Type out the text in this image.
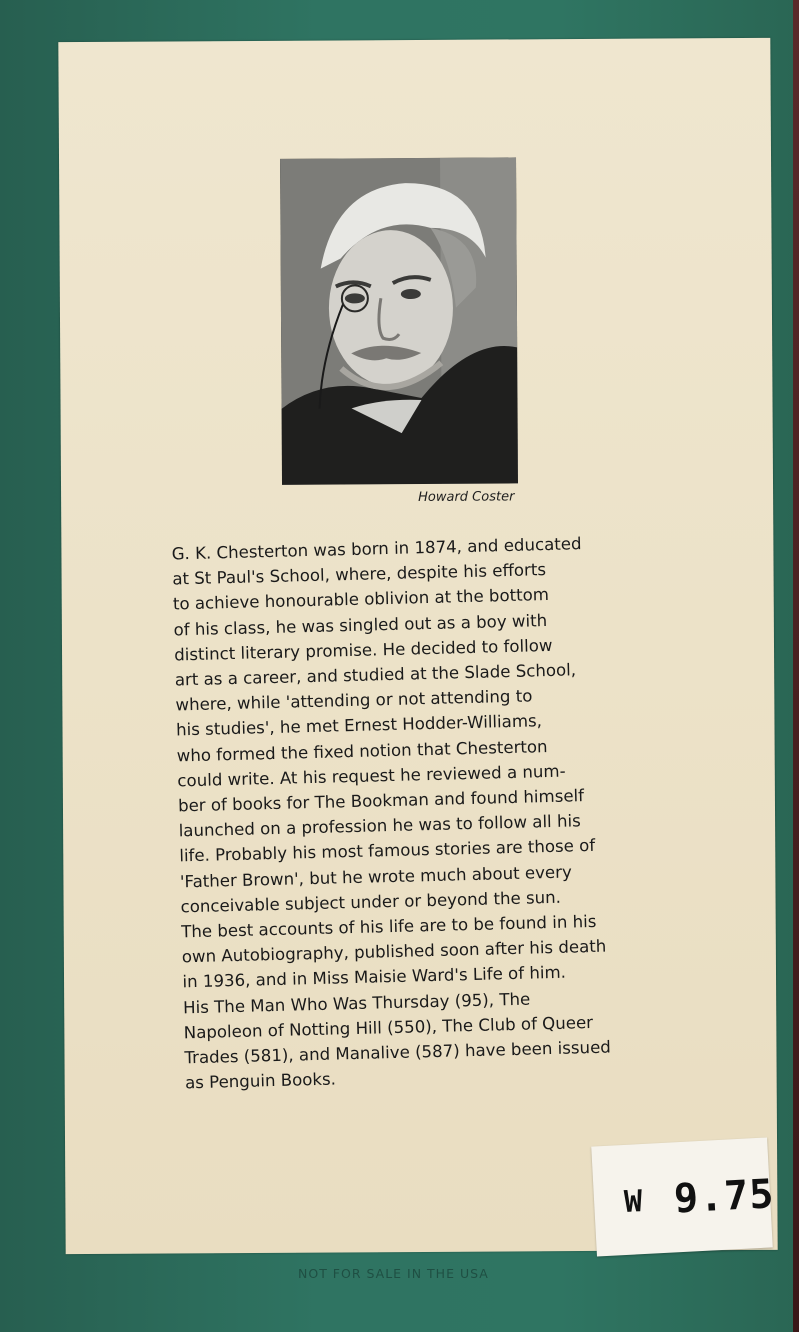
Howard Coster

G. K. Chesterton was born in 1874, and educated
at St Paul's School, where, despite his efforts
to achieve honourable oblivion at the bottom
of his class, he was singled out as a boy with
distinct literary promise. He decided to follow
art as a career, and studied at the Slade School,
where, while 'attending or not attending to
his studies', he met Ernest Hodder-Williams,
who formed the fixed notion that Chesterton
could write. At his request he reviewed a num-
ber of books for The Bookman and found himself
launched on a profession he was to follow all his
life. Probably his most famous stories are those of
'Father Brown', but he wrote much about every
conceivable subject under or beyond the sun.
The best accounts of his life are to be found in his
own Autobiography, published soon after his death
in 1936, and in Miss Maisie Ward's Life of him.
His The Man Who Was Thursday (95), The
Napoleon of Notting Hill (550), The Club of Queer
Trades (581), and Manalive (587) have been issued
as Penguin Books.

W 9.75
NOT FOR SALE IN THE USA
